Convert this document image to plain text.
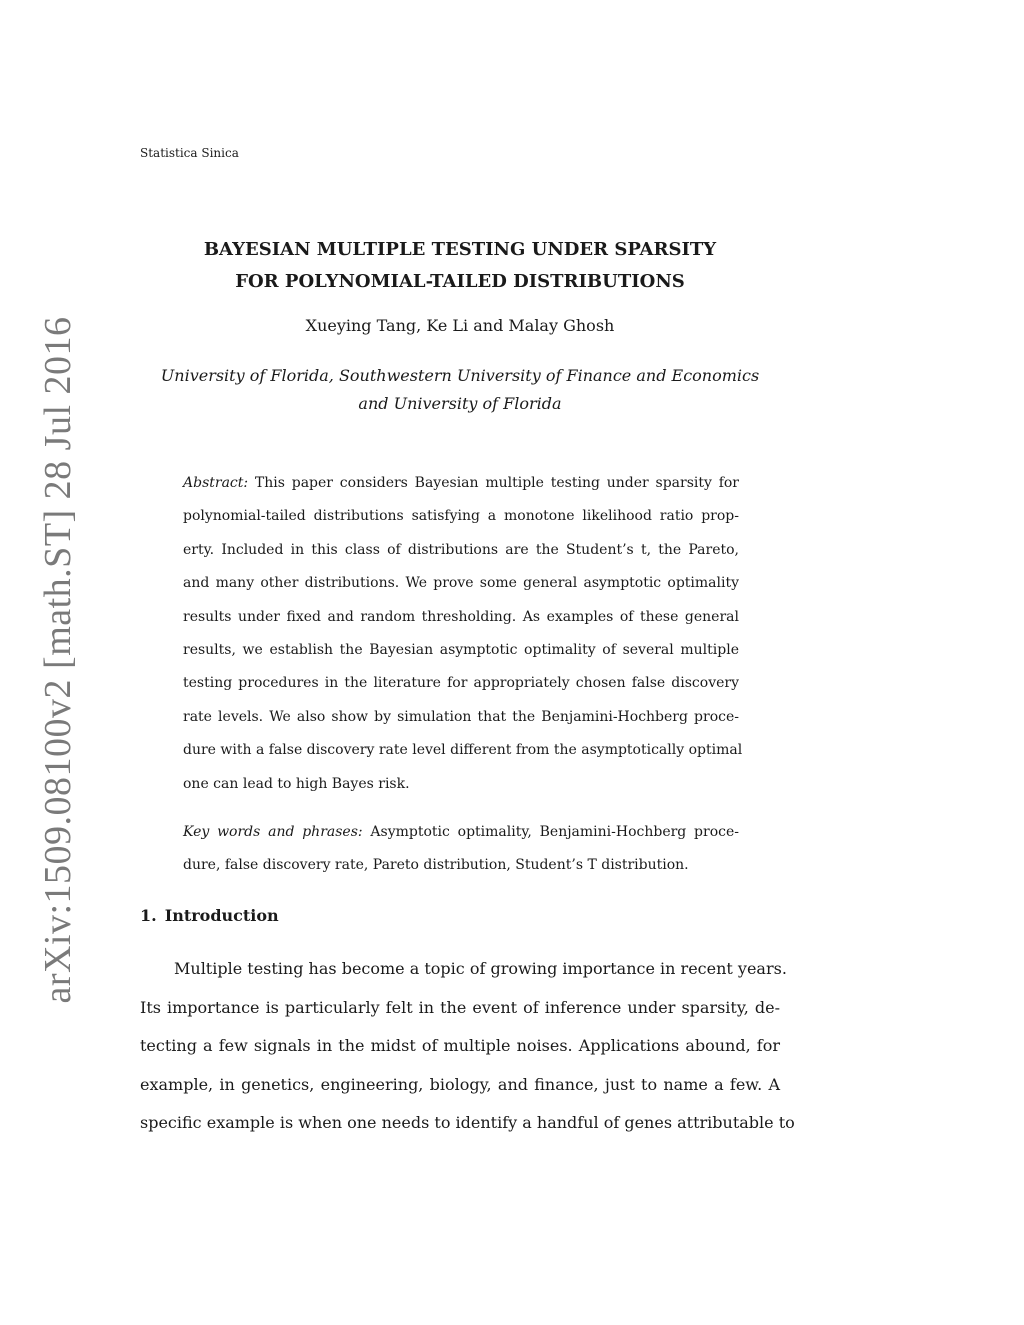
Statistica Sinica
arXiv:1509.08100v2 [math.ST] 28 Jul 2016
BAYESIAN MULTIPLE TESTING UNDER SPARSITY
FOR POLYNOMIAL-TAILED DISTRIBUTIONS
Xueying Tang, Ke Li and Malay Ghosh
University of Florida, Southwestern University of Finance and Economics
and University of Florida
Abstract: This paper considers Bayesian multiple testing under sparsity for
polynomial-tailed distributions satisfying a monotone likelihood ratio prop-
erty. Included in this class of distributions are the Student’s t, the Pareto,
and many other distributions. We prove some general asymptotic optimality
results under fixed and random thresholding. As examples of these general
results, we establish the Bayesian asymptotic optimality of several multiple
testing procedures in the literature for appropriately chosen false discovery
rate levels. We also show by simulation that the Benjamini-Hochberg proce-
dure with a false discovery rate level different from the asymptotically optimal
one can lead to high Bayes risk.
Key words and phrases: Asymptotic optimality, Benjamini-Hochberg proce-
dure, false discovery rate, Pareto distribution, Student’s T distribution.
1. Introduction
Multiple testing has become a topic of growing importance in recent years.
Its importance is particularly felt in the event of inference under sparsity, de-
tecting a few signals in the midst of multiple noises. Applications abound, for
example, in genetics, engineering, biology, and finance, just to name a few. A
specific example is when one needs to identify a handful of genes attributable to
